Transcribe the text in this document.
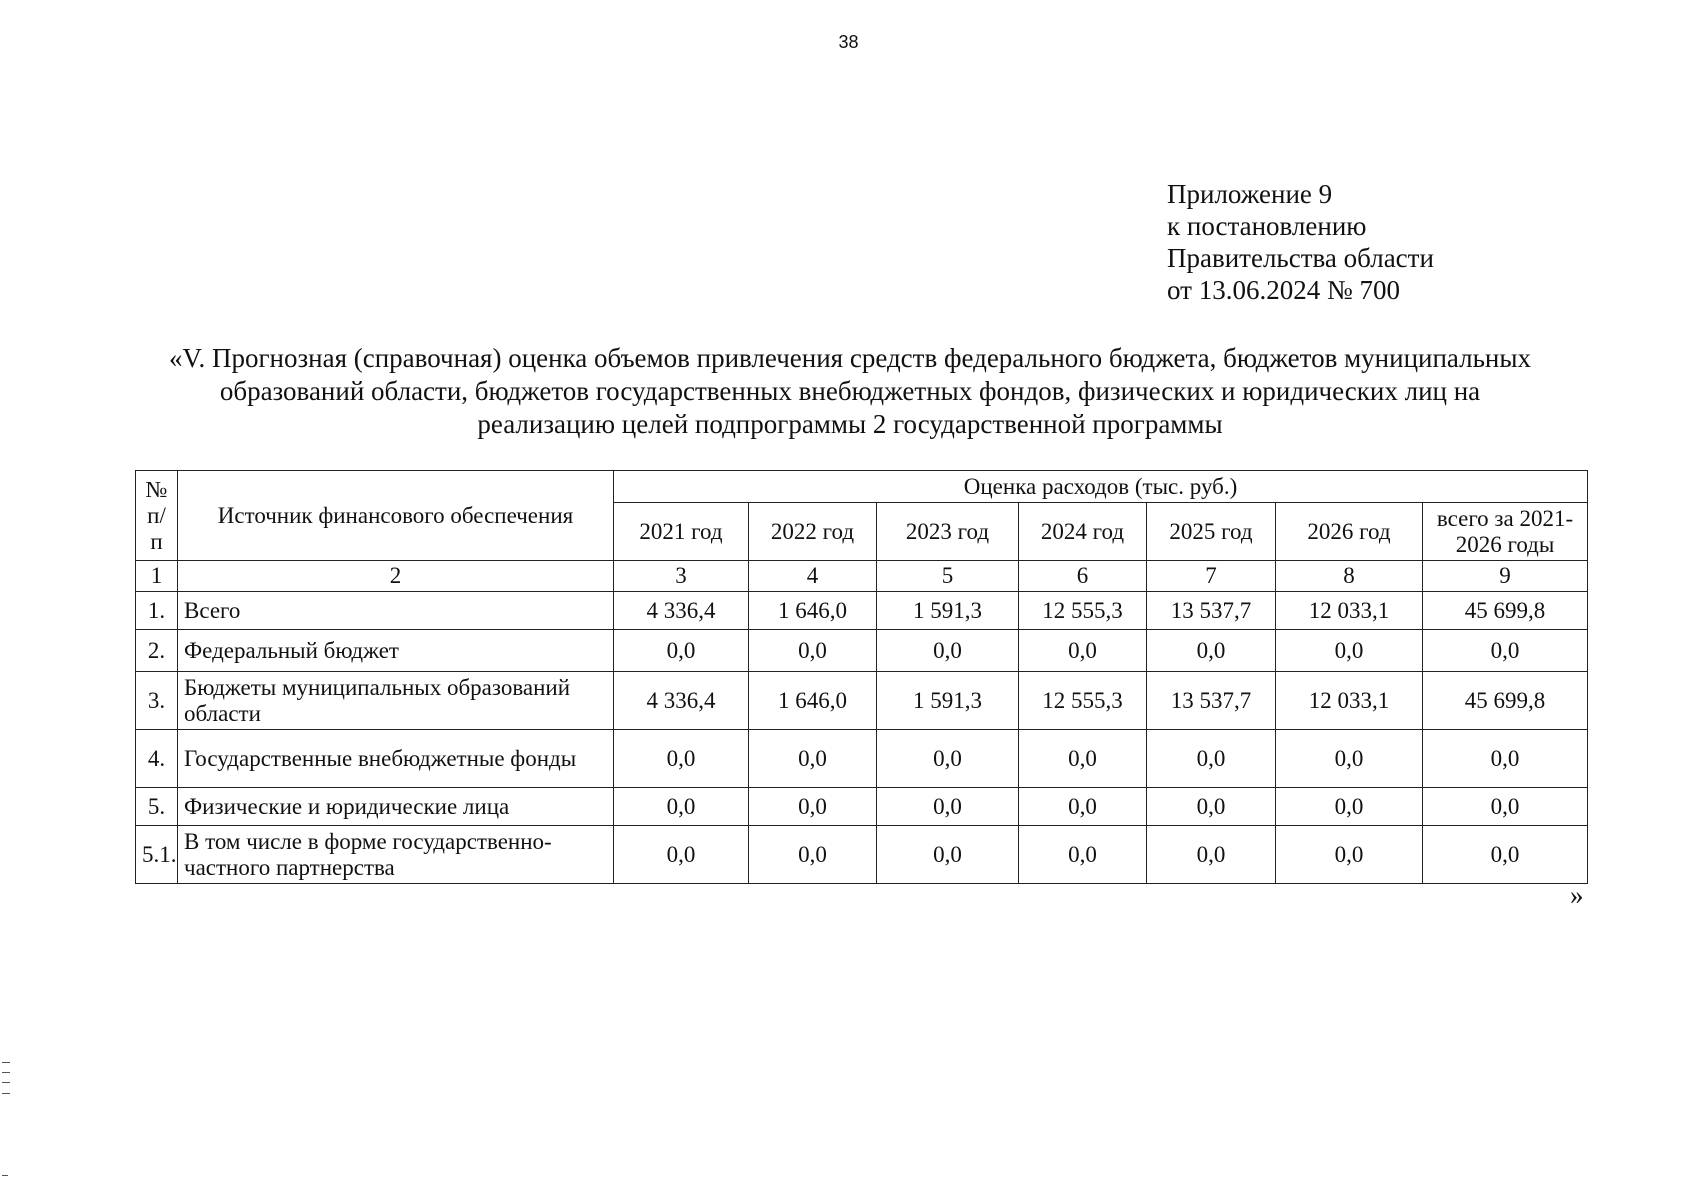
38
Приложение 9
к постановлению
Правительства области
от 13.06.2024 № 700
«V. Прогнозная (справочная) оценка объемов привлечения средств федерального бюджета, бюджетов муниципальных
образований области, бюджетов государственных внебюджетных фондов, физических и юридических лиц на
реализацию целей подпрограммы 2 государственной программы
№ п/п	Источник финансового обеспечения	Оценка расходов (тыс. руб.)						
		2021 год	2022 год	2023 год	2024 год	2025 год	2026 год	всего за 2021-2026 годы
1	2	3	4	5	6	7	8	9
1.	Всего	4 336,4	1 646,0	1 591,3	12 555,3	13 537,7	12 033,1	45 699,8
2.	Федеральный бюджет	0,0	0,0	0,0	0,0	0,0	0,0	0,0
3.	Бюджеты муниципальных образований области	4 336,4	1 646,0	1 591,3	12 555,3	13 537,7	12 033,1	45 699,8
4.	Государственные внебюджетные фонды	0,0	0,0	0,0	0,0	0,0	0,0	0,0
5.	Физические и юридические лица	0,0	0,0	0,0	0,0	0,0	0,0	0,0
5.1.	В том числе в форме государственно-частного партнерства	0,0	0,0	0,0	0,0	0,0	0,0	0,0
»
